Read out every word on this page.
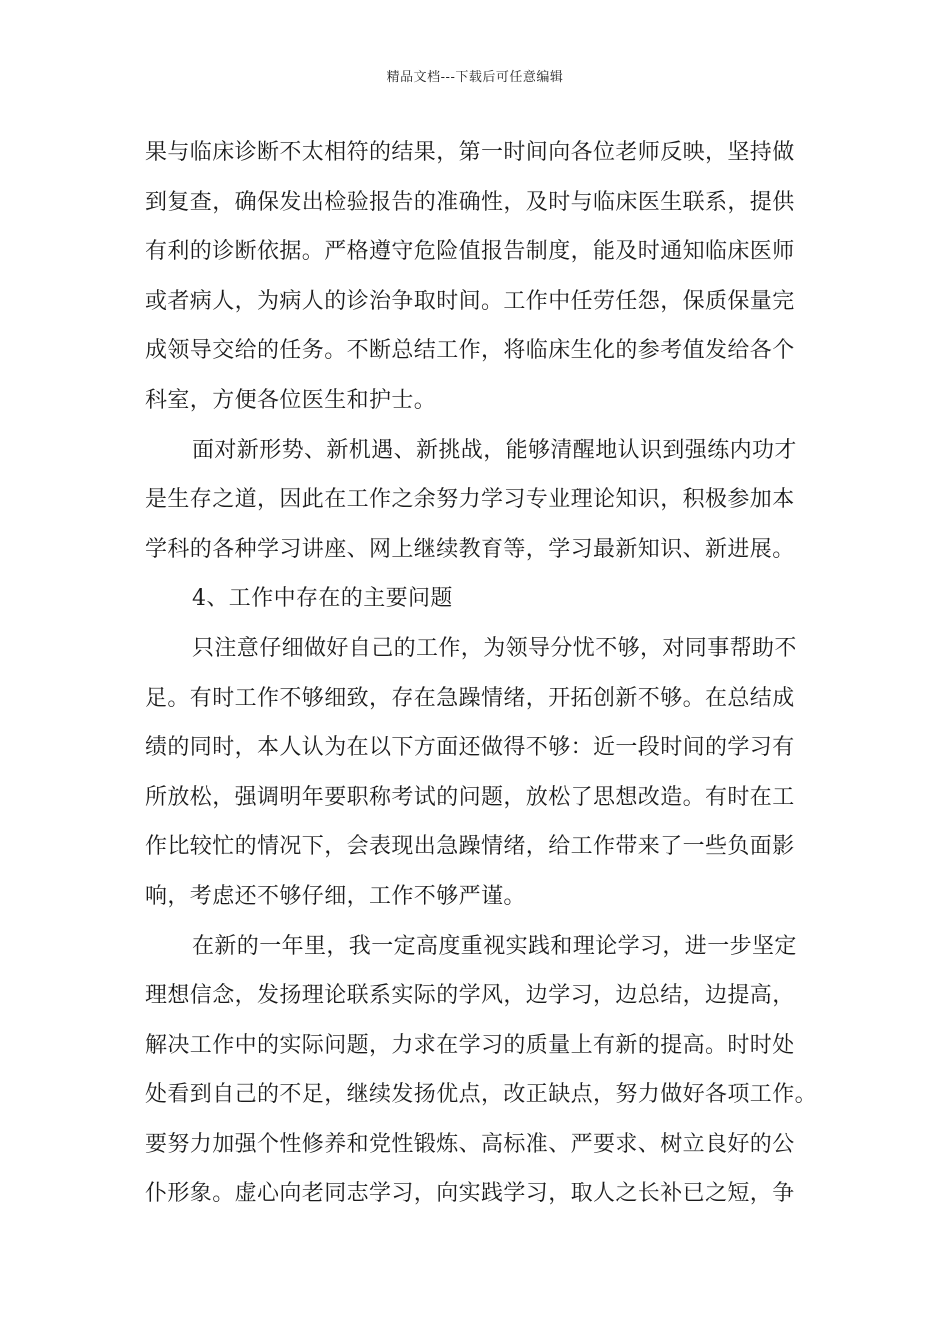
精品文档---下载后可任意编辑
果与临床诊断不太相符的结果，第一时间向各位老师反映，坚持做
到复查，确保发出检验报告的准确性，及时与临床医生联系，提供
有利的诊断依据。严格遵守危险值报告制度，能及时通知临床医师
或者病人，为病人的诊治争取时间。工作中任劳任怨，保质保量完
成领导交给的任务。不断总结工作，将临床生化的参考值发给各个
科室，方便各位医生和护士。
面对新形势、新机遇、新挑战，能够清醒地认识到强练内功才
是生存之道，因此在工作之余努力学习专业理论知识，积极参加本
学科的各种学习讲座、网上继续教育等，学习最新知识、新进展。
4、工作中存在的主要问题
只注意仔细做好自己的工作，为领导分忧不够，对同事帮助不
足。有时工作不够细致，存在急躁情绪，开拓创新不够。在总结成
绩的同时，本人认为在以下方面还做得不够：近一段时间的学习有
所放松，强调明年要职称考试的问题，放松了思想改造。有时在工
作比较忙的情况下，会表现出急躁情绪，给工作带来了一些负面影
响，考虑还不够仔细，工作不够严谨。
在新的一年里，我一定高度重视实践和理论学习，进一步坚定
理想信念，发扬理论联系实际的学风，边学习，边总结，边提高，
解决工作中的实际问题，力求在学习的质量上有新的提高。时时处
处看到自己的不足，继续发扬优点，改正缺点，努力做好各项工作。
要努力加强个性修养和党性锻炼、高标准、严要求、树立良好的公
仆形象。虚心向老同志学习，向实践学习，取人之长补已之短，争
